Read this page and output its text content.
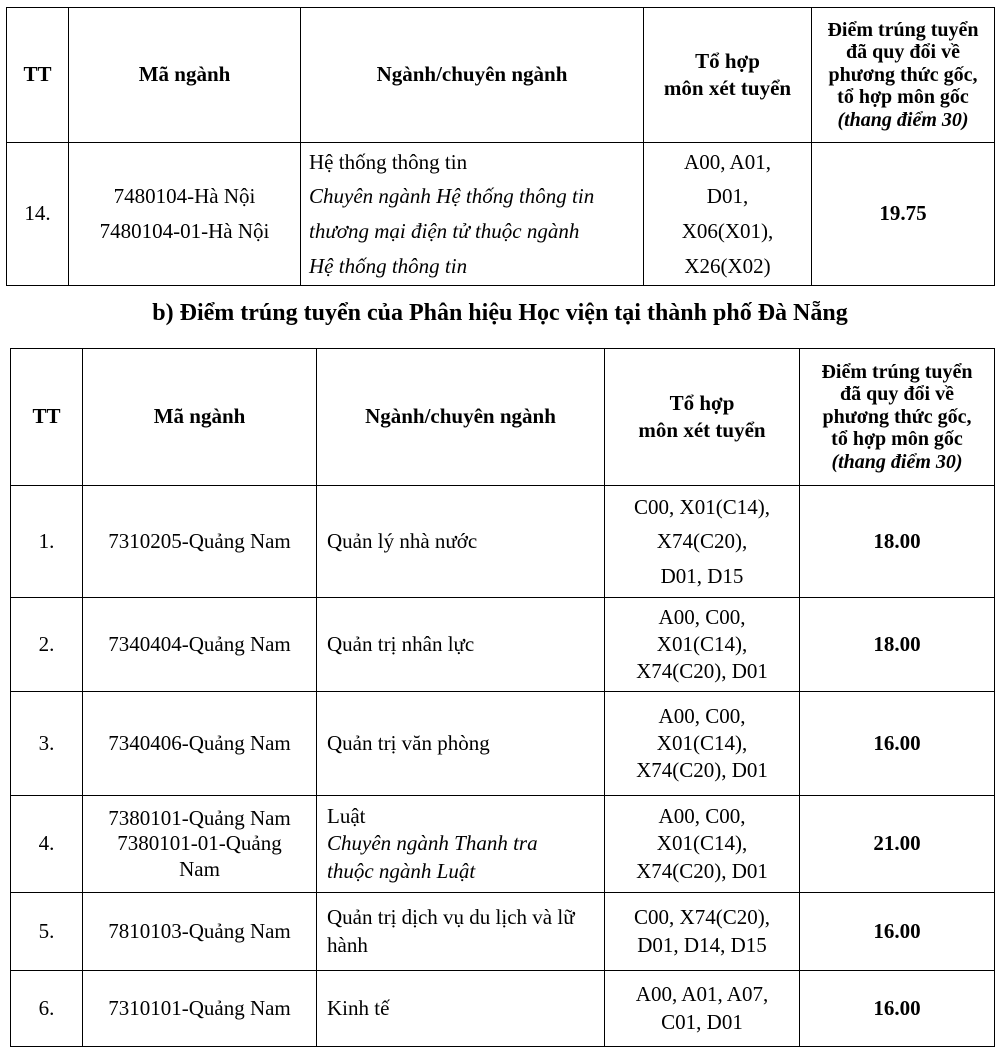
TT	Mã ngành	Ngành/chuyên ngành	Tổ hợp
môn xét tuyển	Điểm trúng tuyển
đã quy đổi về
phương thức gốc,
tổ hợp môn gốc
(thang điểm 30)

14.	7480104-Hà Nội
7480104-01-Hà Nội	Hệ thống thông tin
Chuyên ngành Hệ thống thông tin
thương mại điện tử thuộc ngành
Hệ thống thông tin	A00, A01,
D01,
X06(X01),
X26(X02)	19.75
b) Điểm trúng tuyển của Phân hiệu Học viện tại thành phố Đà Nẵng
TT	Mã ngành	Ngành/chuyên ngành	Tổ hợp
môn xét tuyển	Điểm trúng tuyển
đã quy đổi về
phương thức gốc,
tổ hợp môn gốc
(thang điểm 30)

1.	7310205-Quảng Nam	Quản lý nhà nước	C00, X01(C14),
X74(C20),
D01, D15	18.00
2.	7340404-Quảng Nam	Quản trị nhân lực	A00, C00,
X01(C14),
X74(C20), D01	18.00
3.	7340406-Quảng Nam	Quản trị văn phòng	A00, C00,
X01(C14),
X74(C20), D01	16.00
4.	7380101-Quảng Nam
7380101-01-Quảng
Nam	Luật
Chuyên ngành Thanh tra
thuộc ngành Luật	A00, C00,
X01(C14),
X74(C20), D01	21.00
5.	7810103-Quảng Nam	Quản trị dịch vụ du lịch và lữ
hành	C00, X74(C20),
D01, D14, D15	16.00
6.	7310101-Quảng Nam	Kinh tế	A00, A01, A07,
C01, D01	16.00
